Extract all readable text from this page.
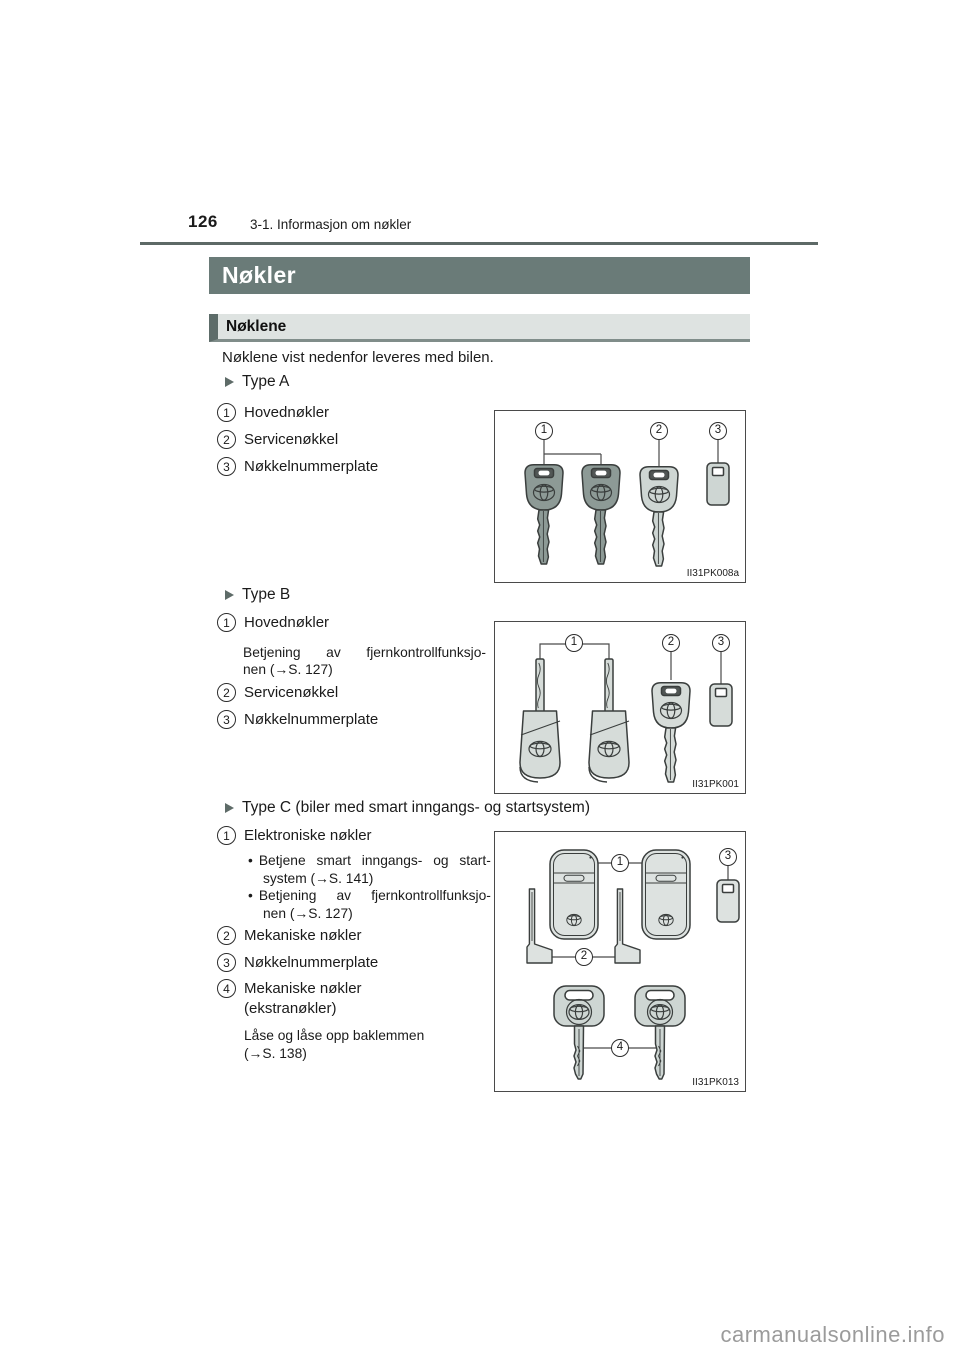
126 3-1. Informasjon om nøkler
Nøkler
Nøklene
Nøklene vist nedenfor leveres med bilen.
Type A
1 Hovednøkler
2 Servicenøkkel
3 Nøkkelnummerplate
1	2	3
II31PK008a
Type B
1 Hovednøkler
Betjening av fjernkontrollfunksjo-
nen (→S. 127)
2 Servicenøkkel
3 Nøkkelnummerplate
1	2	3
II31PK001
Type C (biler med smart inngangs- og startsystem)
1 Elektroniske nøkler
• Betjene smart inngangs- og start-
system (→S. 141)
• Betjening av fjernkontrollfunksjo-
nen (→S. 127)
2 Mekaniske nøkler
3 Nøkkelnummerplate
4 Mekaniske nøkler
(ekstranøkler)
Låse og låse opp baklemmen
(→S. 138)
1
2
3
4
II31PK013
carmanualsonline.info
